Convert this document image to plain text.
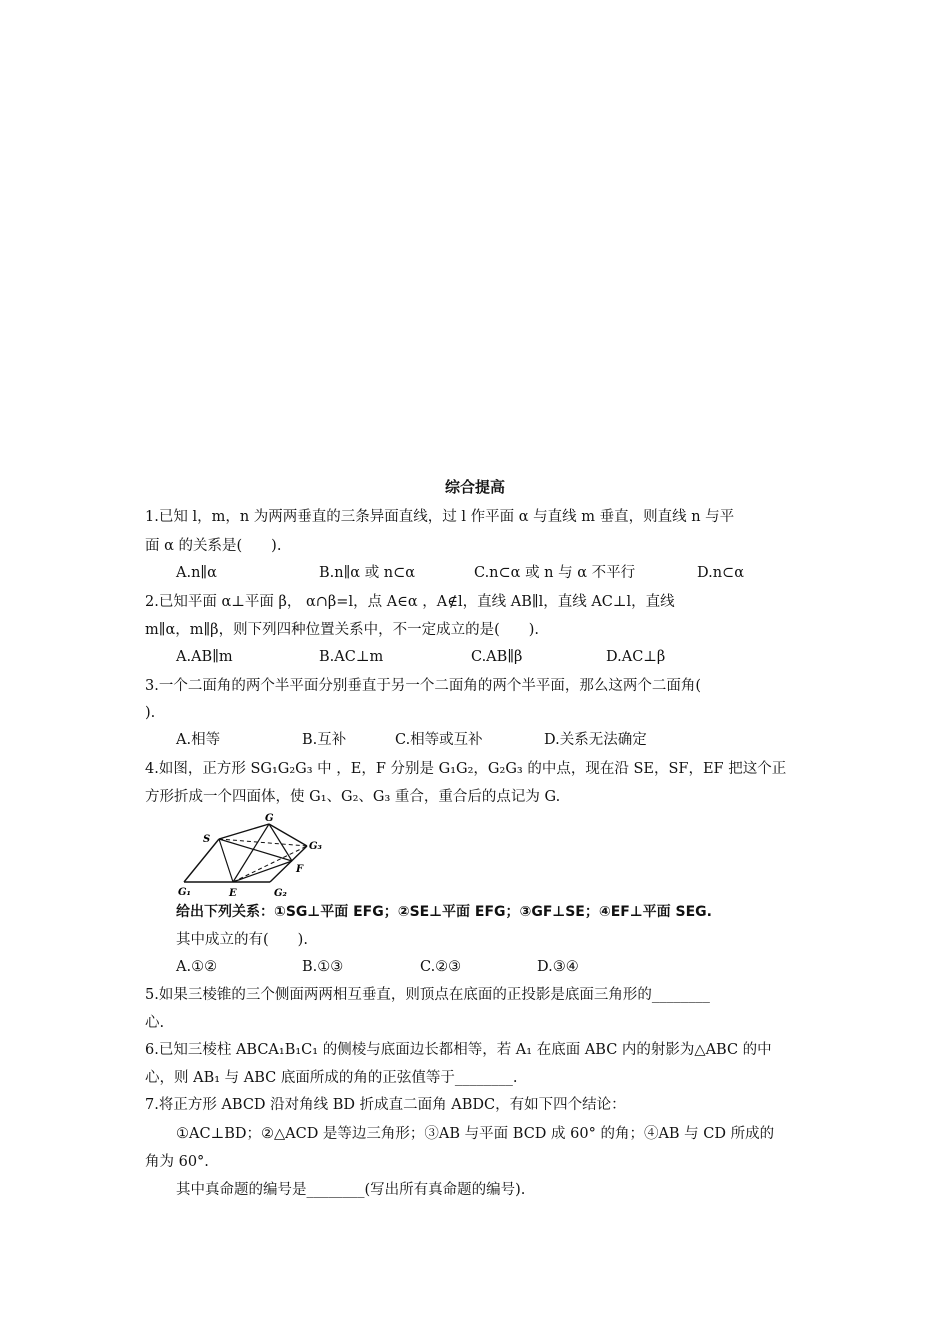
综合提高
1.已知 l，m，n 为两两垂直的三条异面直线，过 l 作平面 α 与直线 m 垂直，则直线 n 与平
面 α 的关系是(　　).
A.n∥α	B.n∥α 或 n⊂α	C.n⊂α 或 n 与 α 不平行	D.n⊂α
2.已知平面 α⊥平面 β， α∩β=l，点 A∈α ，A∉l，直线 AB∥l，直线 AC⊥l，直线
m∥α，m∥β，则下列四种位置关系中，不一定成立的是(　　).
A.AB∥m	B.AC⊥m	C.AB∥β	D.AC⊥β
3.一个二面角的两个半平面分别垂直于另一个二面角的两个半平面，那么这两个二面角(
).
A.相等	B.互补	C.相等或互补	D.关系无法确定
4.如图，正方形 SG₁G₂G₃ 中 ，E，F 分别是 G₁G₂，G₂G₃ 的中点，现在沿 SE，SF，EF 把这个正
方形折成一个四面体，使 G₁、G₂、G₃ 重合，重合后的点记为 G.
G
S
G₃
F
G₁	E	G₂
给出下列关系：①SG⊥平面 EFG；②SE⊥平面 EFG；③GF⊥SE；④EF⊥平面 SEG.
其中成立的有(　　).
A.①②	B.①③	C.②③	D.③④
5.如果三棱锥的三个侧面两两相互垂直，则顶点在底面的正投影是底面三角形的________
心.
6.已知三棱柱 ABCA₁B₁C₁ 的侧棱与底面边长都相等，若 A₁ 在底面 ABC 内的射影为△ABC 的中
心，则 AB₁ 与 ABC 底面所成的角的正弦值等于________.
7.将正方形 ABCD 沿对角线 BD 折成直二面角 ABDC，有如下四个结论：
①AC⊥BD；②△ACD 是等边三角形；③AB 与平面 BCD 成 60° 的角；④AB 与 CD 所成的
角为 60°.
其中真命题的编号是________(写出所有真命题的编号).
